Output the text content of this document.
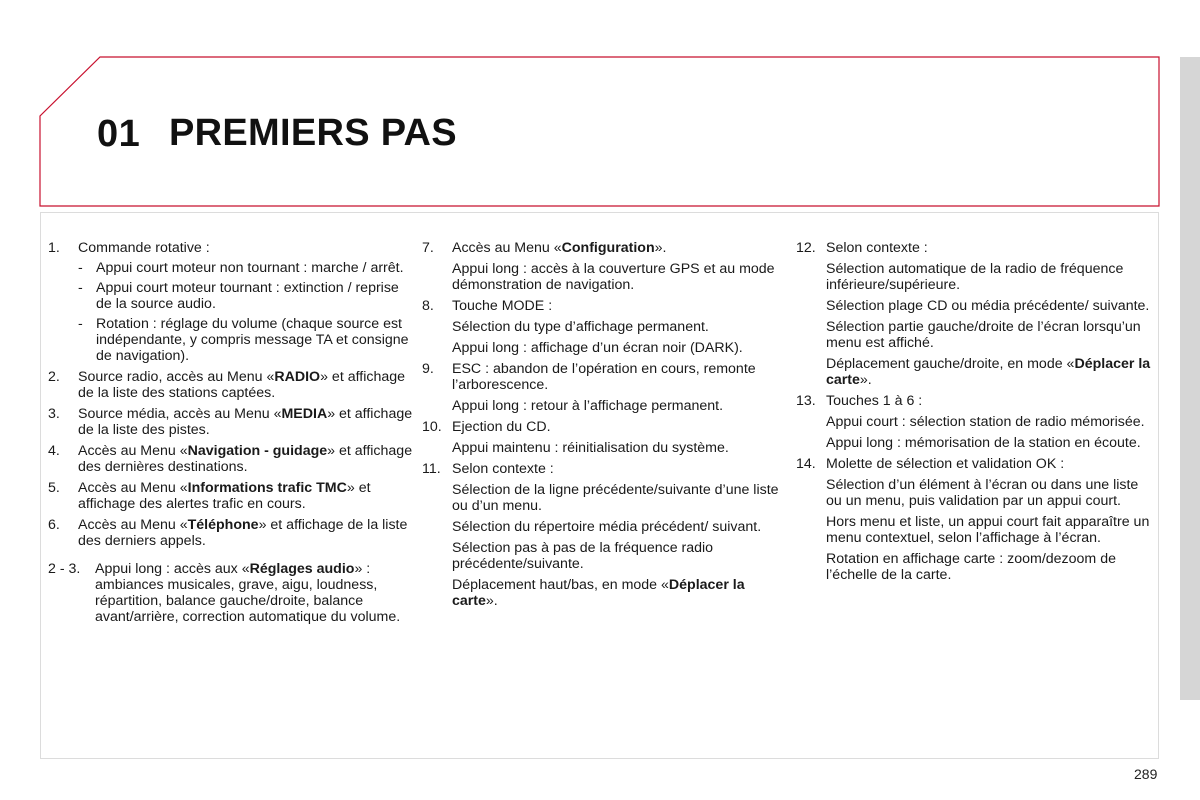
01 PREMIERS PAS
1. Commande rotative :
- Appui court moteur non tournant : marche / arrêt.
- Appui court moteur tournant : extinction / reprise de la source audio.
- Rotation : réglage du volume (chaque source est indépendante, y compris message TA et consigne de navigation).
2. Source radio, accès au Menu «RADIO» et affichage de la liste des stations captées.
3. Source média, accès au Menu «MEDIA» et affichage de la liste des pistes.
4. Accès au Menu «Navigation - guidage» et affichage des dernières destinations.
5. Accès au Menu «Informations trafic TMC» et affichage des alertes trafic en cours.
6. Accès au Menu «Téléphone» et affichage de la liste des derniers appels.
2 - 3. Appui long : accès aux «Réglages audio» : ambiances musicales, grave, aigu, loudness, répartition, balance gauche/droite, balance avant/arrière, correction automatique du volume.
7. Accès au Menu «Configuration».
Appui long : accès à la couverture GPS et au mode démonstration de navigation.
8. Touche MODE :
Sélection du type d’affichage permanent.
Appui long : affichage d’un écran noir (DARK).
9. ESC : abandon de l’opération en cours, remonte l’arborescence.
Appui long : retour à l’affichage permanent.
10. Ejection du CD.
Appui maintenu : réinitialisation du système.
11. Selon contexte :
Sélection de la ligne précédente/suivante d’une liste ou d’un menu.
Sélection du répertoire média précédent/ suivant.
Sélection pas à pas de la fréquence radio précédente/suivante.
Déplacement haut/bas, en mode «Déplacer la carte».
12. Selon contexte :
Sélection automatique de la radio de fréquence inférieure/supérieure.
Sélection plage CD ou média précédente/ suivante.
Sélection partie gauche/droite de l’écran lorsqu’un menu est affiché.
Déplacement gauche/droite, en mode «Déplacer la carte».
13. Touches 1 à 6 :
Appui court : sélection station de radio mémorisée.
Appui long : mémorisation de la station en écoute.
14. Molette de sélection et validation OK :
Sélection d’un élément à l’écran ou dans une liste ou un menu, puis validation par un appui court.
Hors menu et liste, un appui court fait apparaître un menu contextuel, selon l’affichage à l’écran.
Rotation en affichage carte : zoom/dezoom de l’échelle de la carte.
289
